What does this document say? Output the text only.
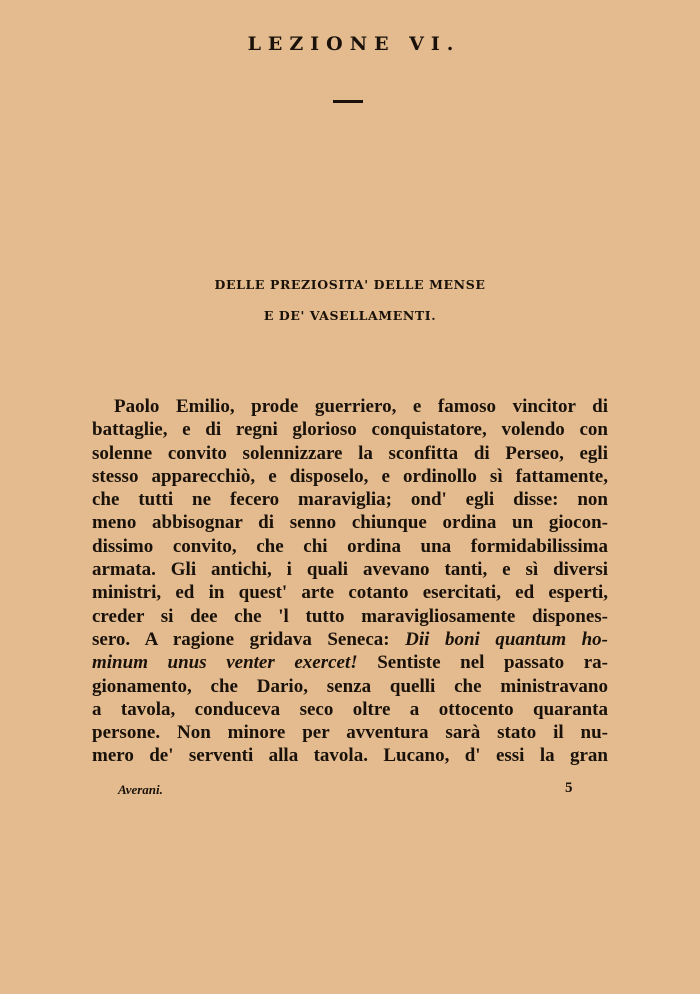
LEZIONE VI.
DELLE PREZIOSITA' DELLE MENSE
E DE' VASELLAMENTI.
Paolo Emilio, prode guerriero, e famoso vincitor di
battaglie, e di regni glorioso conquistatore, volendo con
solenne convito solennizzare la sconfitta di Perseo, egli
stesso apparecchiò, e disposelo, e ordinollo sì fattamente,
che tutti ne fecero maraviglia; ond' egli disse: non
meno abbisognar di senno chiunque ordina un giocon-
dissimo convito, che chi ordina una formidabilissima
armata. Gli antichi, i quali avevano tanti, e sì diversi
ministri, ed in quest' arte cotanto esercitati, ed esperti,
creder si dee che 'l tutto maravigliosamente dispones-
sero. A ragione gridava Seneca: Dii boni quantum ho-
minum unus venter exercet! Sentiste nel passato ra-
gionamento, che Dario, senza quelli che ministravano
a tavola, conduceva seco oltre a ottocento quaranta
persone. Non minore per avventura sarà stato il nu-
mero de' serventi alla tavola. Lucano, d' essi la gran
Averani.	5
